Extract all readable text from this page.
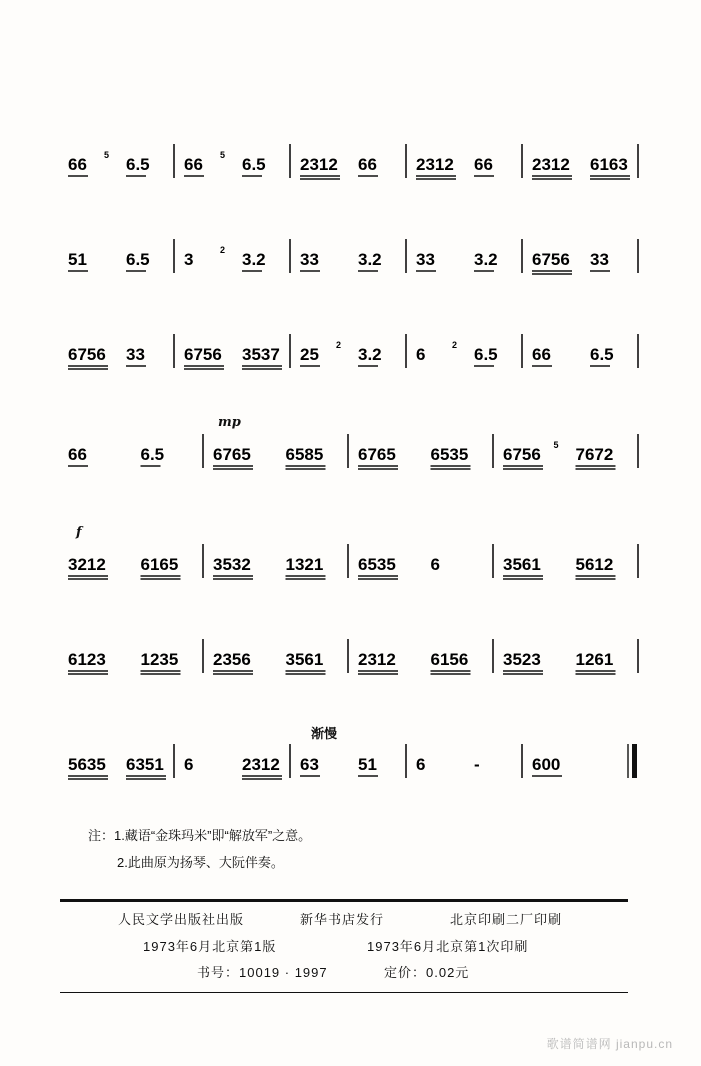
66 6.5
5	66 6.5
5	2312 66 2312 66 2312 6163
51 6.5 3	3.2
2	33 3.2 33 3.2 6756 33
6756 33 6756 3537 25 3.2
2	6	6.5
2	66 6.5
66	6.5	6765 6585 6765 6535 6756 7672
5
3212 6165 3532 1321 6535 6	3561 5612
6123 1235 2356 3561 2312 6156 3523 1261
5635 6351 6	2312 63 51 6	-	600
mp
f
渐慢
注：1.藏语“金珠玛米”即“解放军”之意。
2.此曲原为扬琴、大阮伴奏。
人民文学出版社出版	新华书店发行	北京印刷二厂印刷
1973年6月北京第1版	1973年6月北京第1次印刷
书号：10019 · 1997	定价：0.02元
歌谱简谱网 jianpu.cn
